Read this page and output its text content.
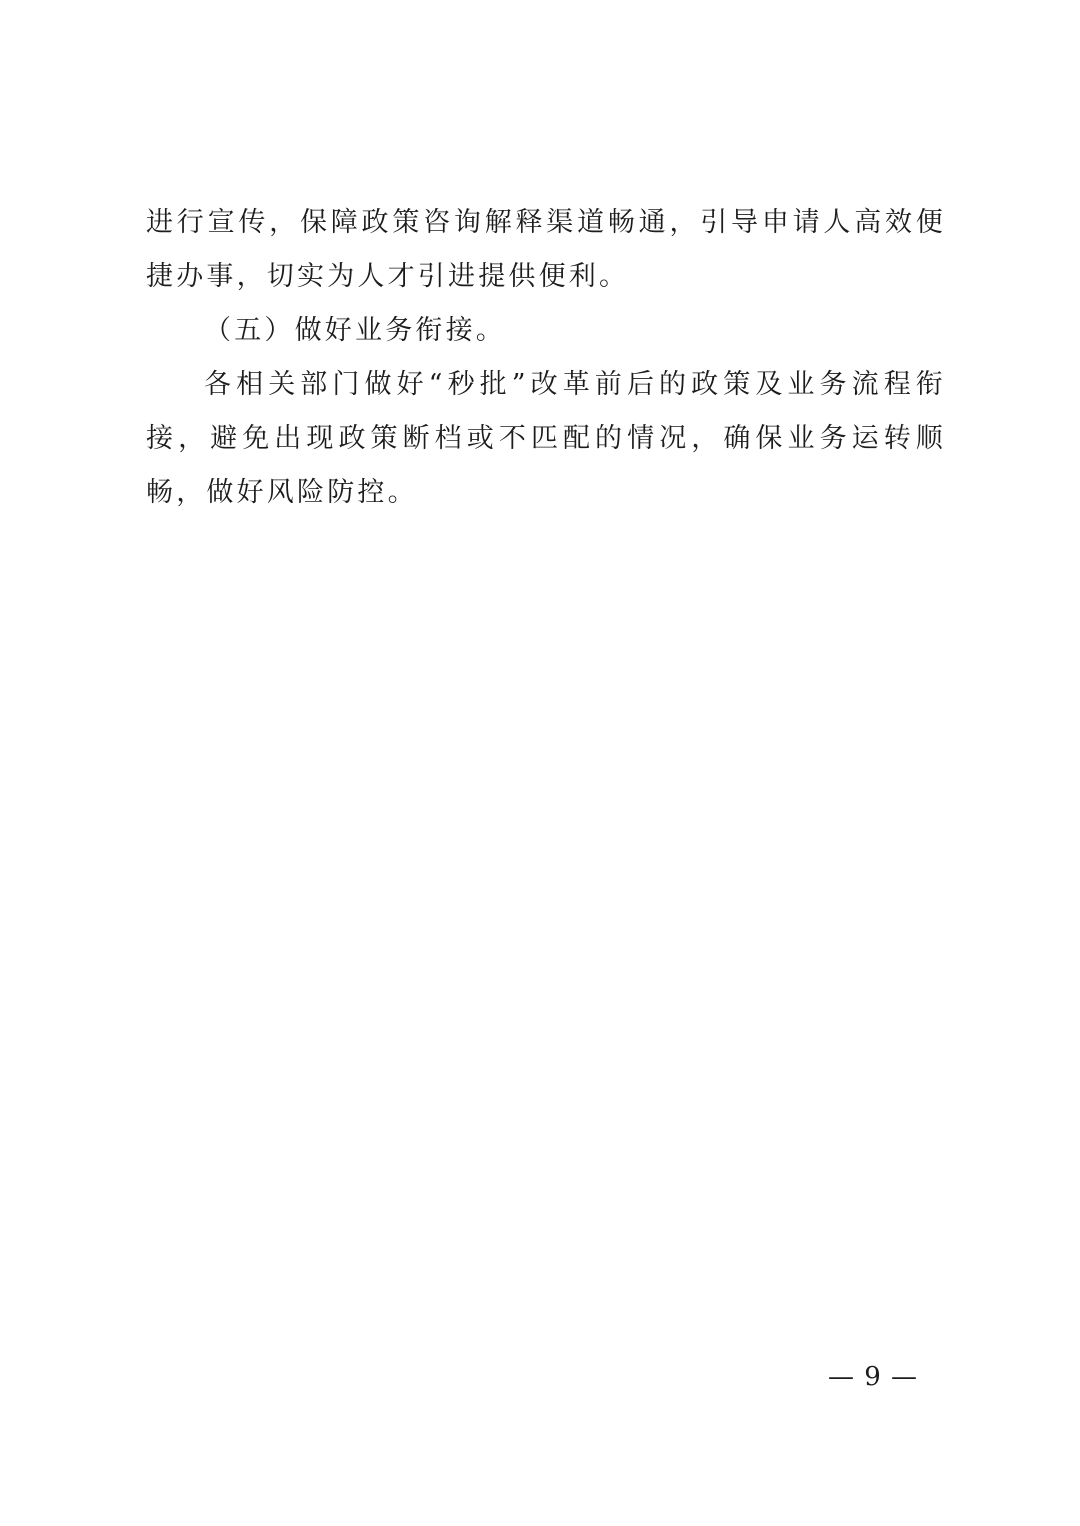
进行宣传，保障政策咨询解释渠道畅通，引导申请人高效便捷办事，切实为人才引进提供便利。

（五）做好业务衔接。

各相关部门做好“秒批”改革前后的政策及业务流程衔接，避免出现政策断档或不匹配的情况，确保业务运转顺畅，做好风险防控。

— 9 —
